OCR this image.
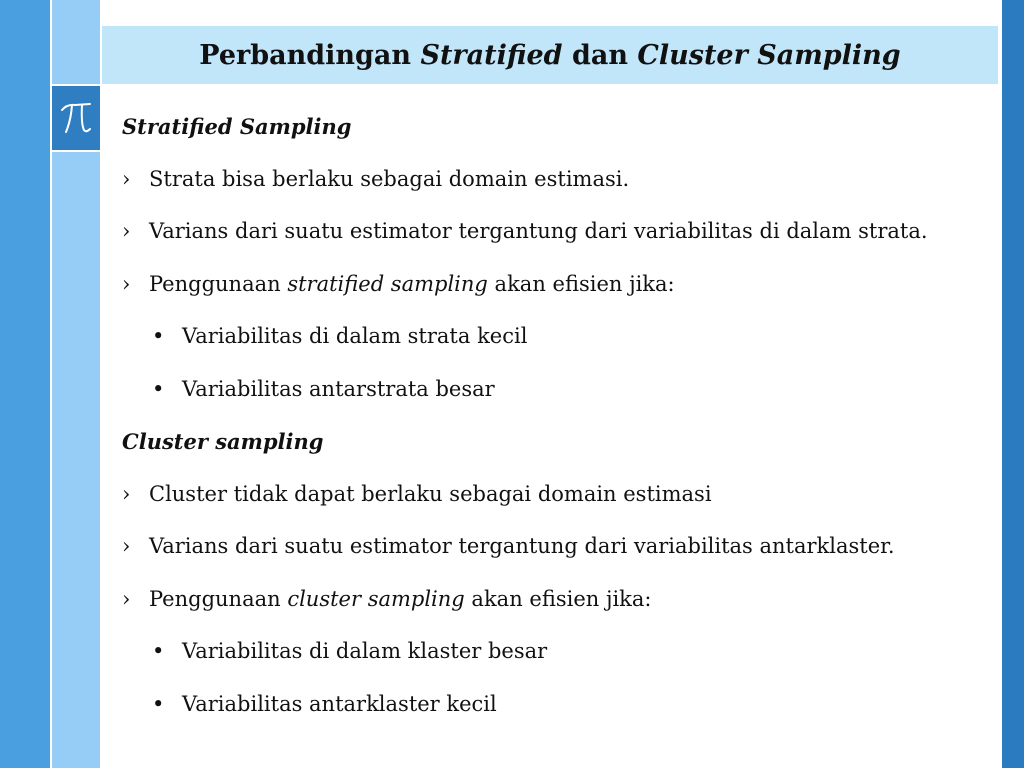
Perbandingan Stratified dan Cluster Sampling
Stratified Sampling
› Strata bisa berlaku sebagai domain estimasi.
› Varians dari suatu estimator tergantung dari variabilitas di dalam strata.
› Penggunaan stratified sampling akan efisien jika:
• Variabilitas di dalam strata kecil
• Variabilitas antarstrata besar
Cluster sampling
› Cluster tidak dapat berlaku sebagai domain estimasi
› Varians dari suatu estimator tergantung dari variabilitas antarklaster.
› Penggunaan cluster sampling akan efisien jika:
• Variabilitas di dalam klaster besar
• Variabilitas antarklaster kecil
